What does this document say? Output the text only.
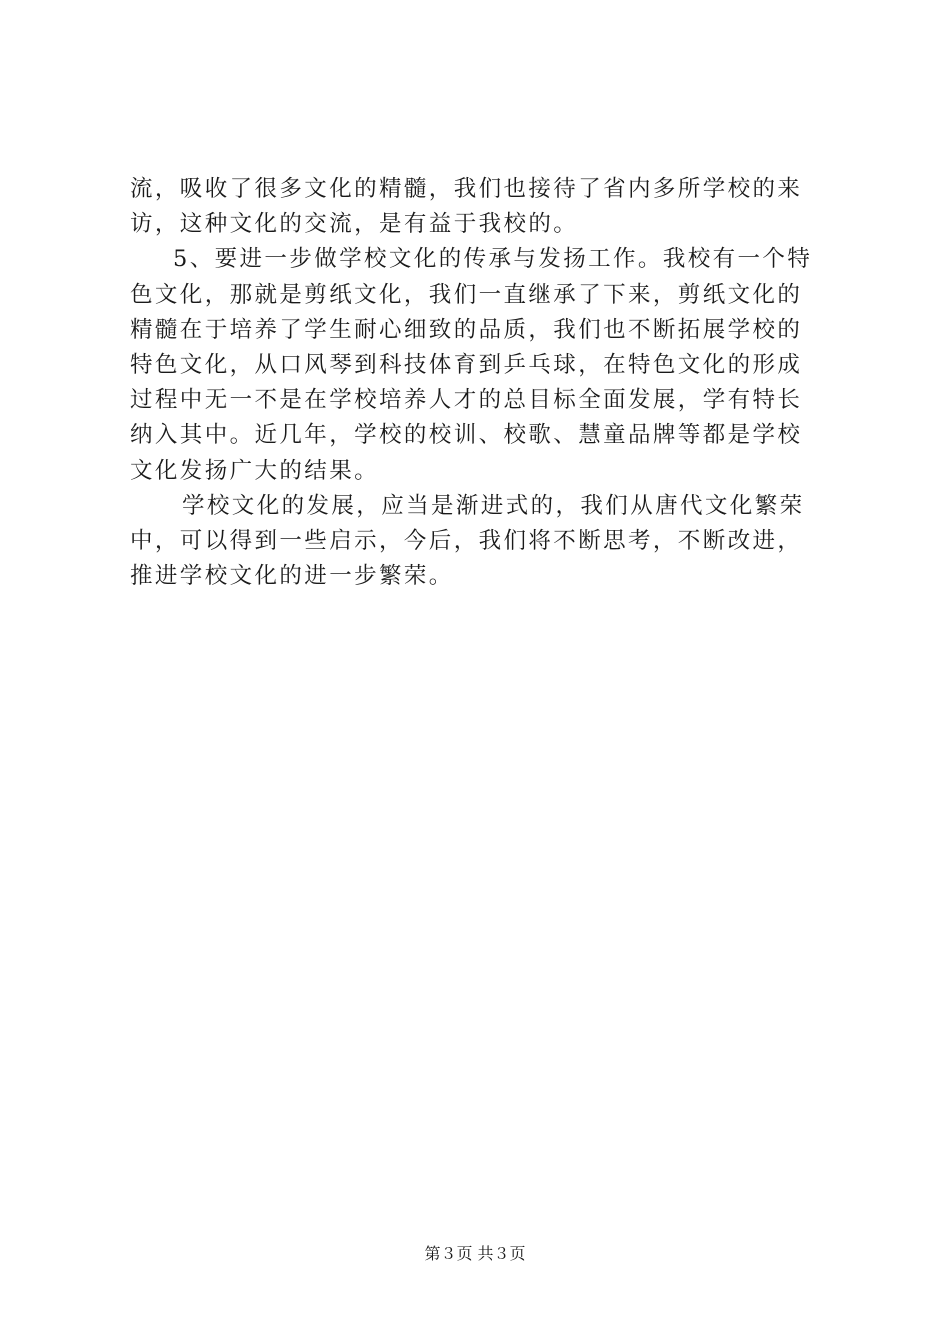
流，吸收了很多文化的精髓，我们也接待了省内多所学校的来
访，这种文化的交流，是有益于我校的。
5、要进一步做学校文化的传承与发扬工作。我校有一个特
色文化，那就是剪纸文化，我们一直继承了下来，剪纸文化的
精髓在于培养了学生耐心细致的品质，我们也不断拓展学校的
特色文化，从口风琴到科技体育到乒乓球，在特色文化的形成
过程中无一不是在学校培养人才的总目标全面发展，学有特长
纳入其中。近几年，学校的校训、校歌、慧童品牌等都是学校
文化发扬广大的结果。
学校文化的发展，应当是渐进式的，我们从唐代文化繁荣
中，可以得到一些启示，今后，我们将不断思考，不断改进，
推进学校文化的进一步繁荣。
第３页 共３页
